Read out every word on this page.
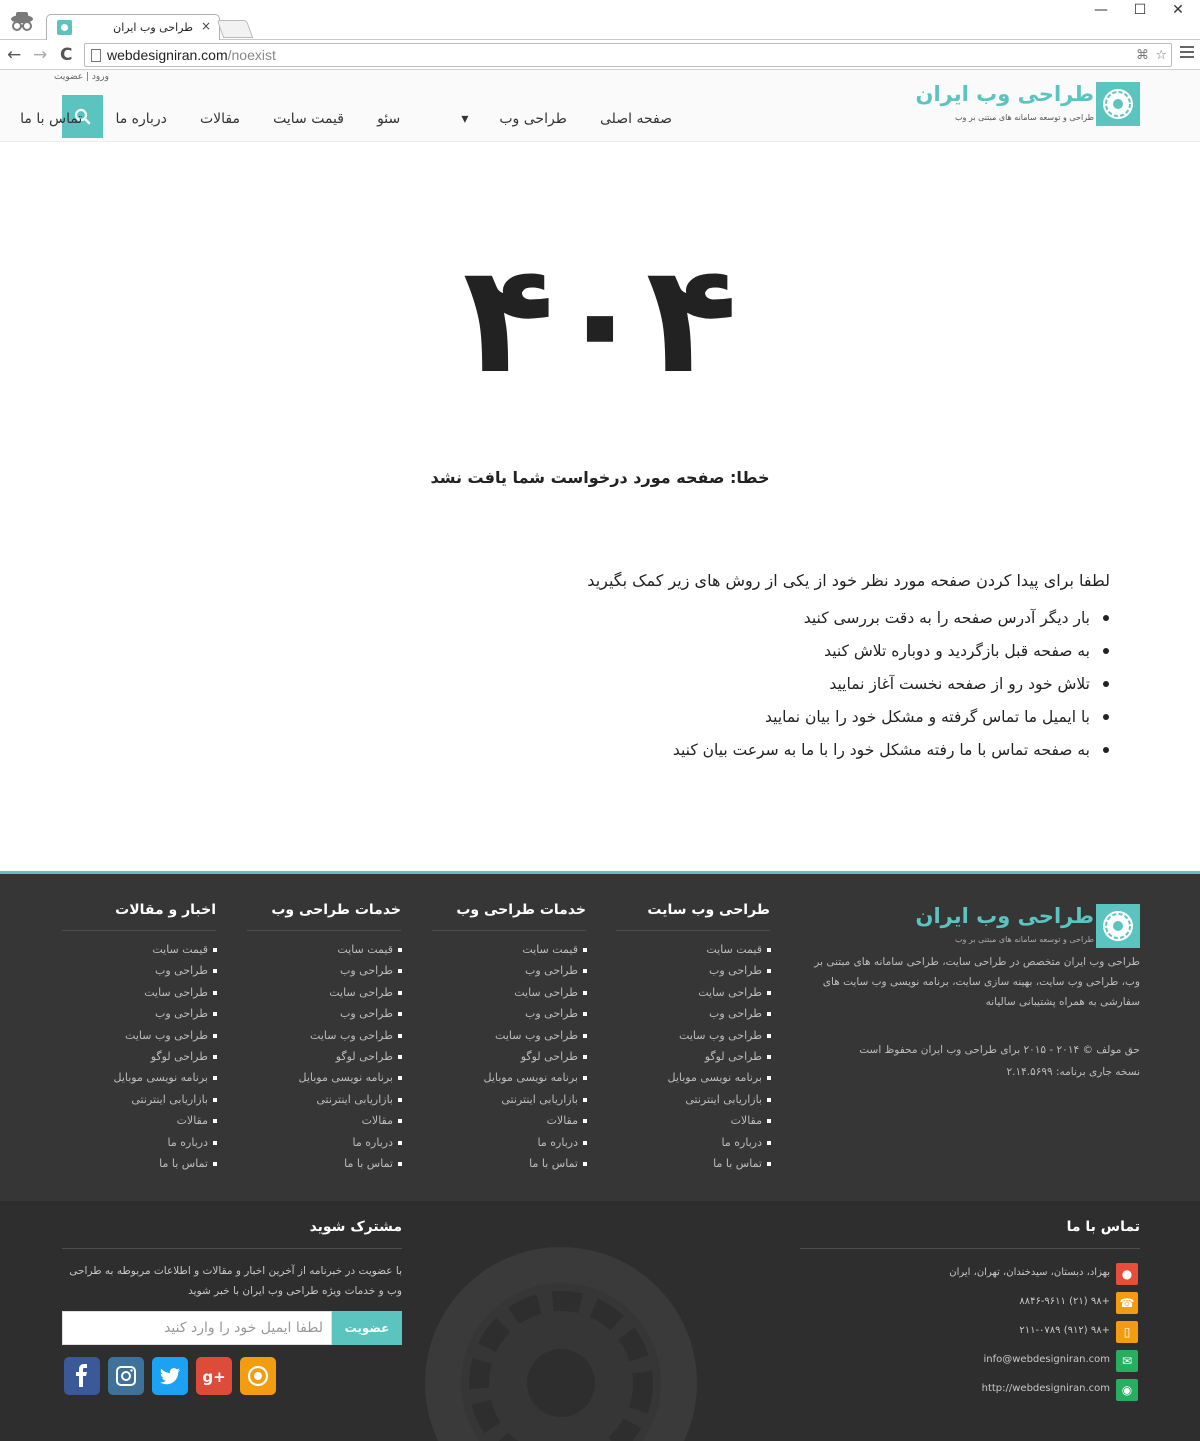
طراحی وب ایران ×
—	☐	✕
← → C webdesigniran.com/noexist	⌘ ☆
ورود | عضویت
صفحه اصلی طراحی وب▾ سئو قیمت سایت مقالات درباره ما تماس با ما
طراحی وب ایران
طراحی و توسعه سامانه های مبتنی بر وب
۴۰۴
خطا: صفحه مورد درخواست شما یافت نشد
لطفا برای پیدا کردن صفحه مورد نظر خود از یکی از روش های زیر کمک بگیرید
بار دیگر آدرس صفحه را به دقت بررسی کنید
به صفحه قبل بازگردید و دوباره تلاش کنید
تلاش خود رو از صفحه نخست آغاز نمایید
با ایمیل ما تماس گرفته و مشکل خود را بیان نمایید
به صفحه تماس با ما رفته مشکل خود را با ما به سرعت بیان کنید
طراحی وب ایران
طراحی و توسعه سامانه های مبتنی بر وب
طراحی وب ایران متخصص در طراحی سایت، طراحی سامانه های مبتنی بر وب، طراحی وب سایت، بهینه سازی سایت، برنامه نویسی وب سایت های سفارشی به همراه پشتیبانی سالیانه
حق مولف © ۲۰۱۴ - ۲۰۱۵ برای طراحی وب ایران محفوظ است
نسخه جاری برنامه: ۲.۱۴.۵۶۹۹
طراحی وب سایت
قیمت سایت
طراحی وب
طراحی سایت
طراحی وب
طراحی وب سایت
طراحی لوگو
برنامه نویسی موبایل
بازاریابی اینترنتی
مقالات
درباره ما
تماس با ما
خدمات طراحی وب
قیمت سایت
طراحی وب
طراحی سایت
طراحی وب
طراحی وب سایت
طراحی لوگو
برنامه نویسی موبایل
بازاریابی اینترنتی
مقالات
درباره ما
تماس با ما
خدمات طراحی وب
قیمت سایت
طراحی وب
طراحی سایت
طراحی وب
طراحی وب سایت
طراحی لوگو
برنامه نویسی موبایل
بازاریابی اینترنتی
مقالات
درباره ما
تماس با ما
اخبار و مقالات
قیمت سایت
طراحی وب
طراحی سایت
طراحی وب
طراحی وب سایت
طراحی لوگو
برنامه نویسی موبایل
بازاریابی اینترنتی
مقالات
درباره ما
تماس با ما
تماس با ما
●
بهزاد، دبستان، سیدخندان، تهران، ایران
☎
+۹۸ (۲۱) ۸۸۴۶-۹۶۱۱
▯
+۹۸ (۹۱۲) ۲۱۱-۰۷۸۹
✉
info@webdesigniran.com
◉
http://webdesigniran.com
مشترک شوید
با عضویت در خبرنامه از آخرین اخبار و مقالات و اطلاعات مربوطه به طراحی وب و خدمات ویژه طراحی وب ایران با خبر شوید
عضویت
لطفا ایمیل خود را وارد کنید
g+
